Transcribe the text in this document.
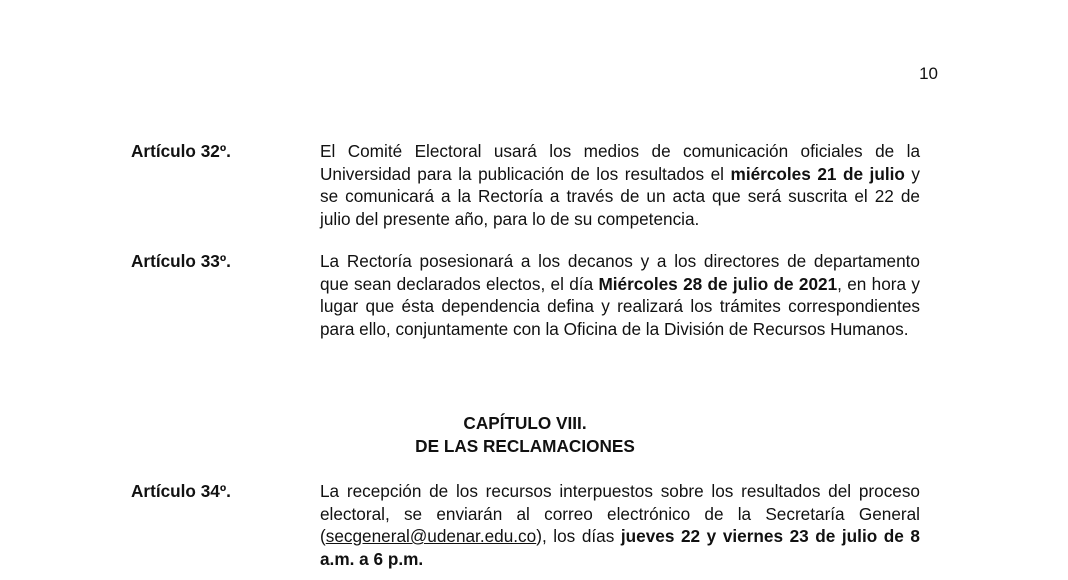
10
Artículo 32º.	El Comité Electoral usará los medios de comunicación oficiales de la Universidad para la publicación de los resultados el miércoles 21 de julio y se comunicará a la Rectoría a través de un acta que será suscrita el 22 de julio del presente año, para lo de su competencia.
Artículo 33º.	La Rectoría posesionará a los decanos y a los directores de departamento que sean declarados electos, el día Miércoles 28 de julio de 2021, en hora y lugar que ésta dependencia defina y realizará los trámites correspondientes para ello, conjuntamente con la Oficina de la División de Recursos Humanos.
CAPÍTULO VIII.
DE LAS RECLAMACIONES
Artículo 34º.	La recepción de los recursos interpuestos sobre los resultados del proceso electoral, se enviarán al correo electrónico de la Secretaría General (secgeneral@udenar.edu.co), los días jueves 22 y viernes 23 de julio de 8 a.m. a 6 p.m.
